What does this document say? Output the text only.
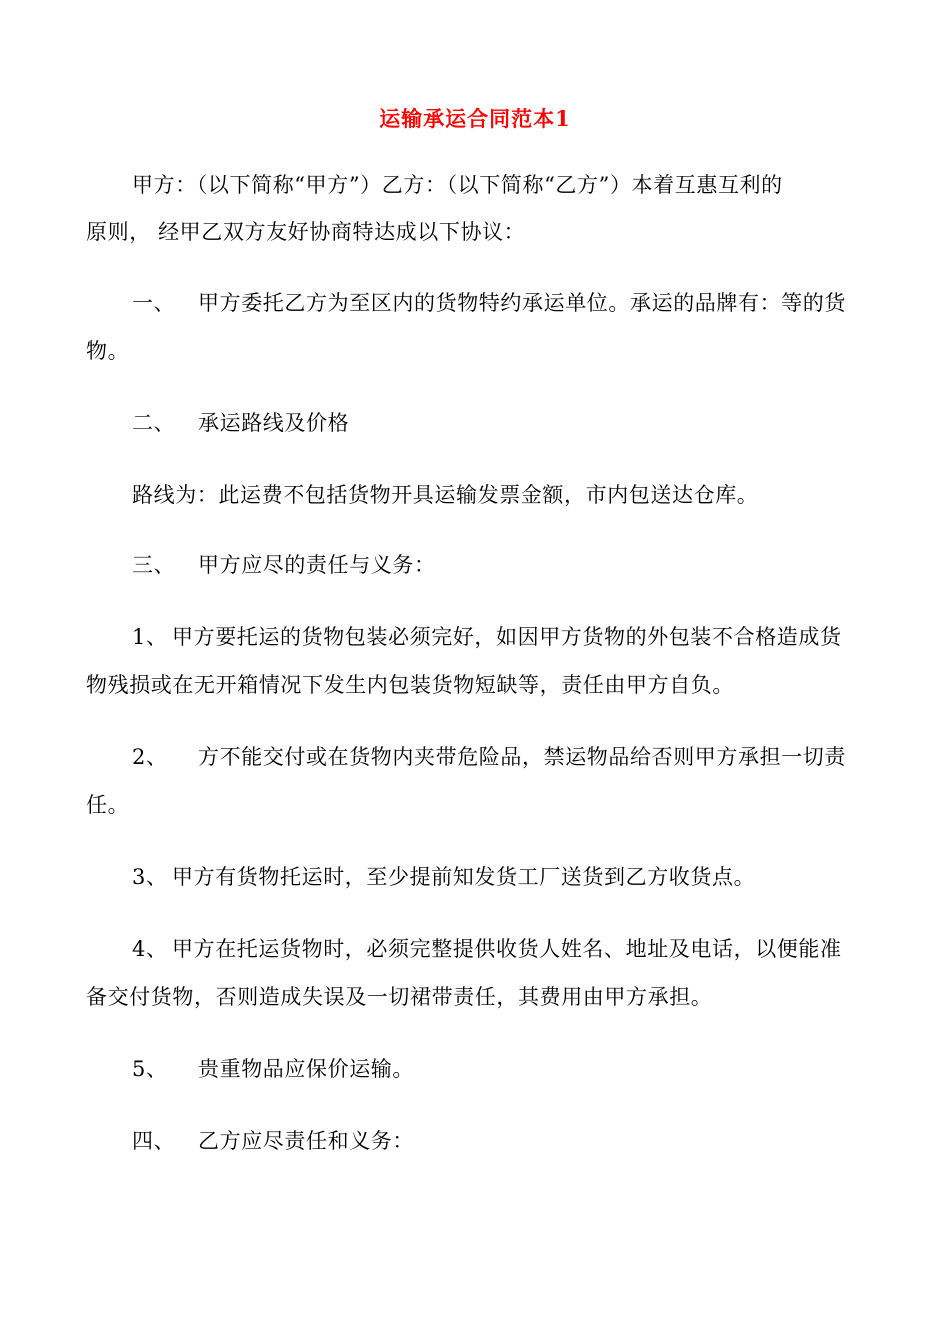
运输承运合同范本1
甲方：（以下简称“甲方”）乙方：（以下简称“乙方”）本着互惠互利的
原则， 经甲乙双方友好协商特达成以下协议：
一、 甲方委托乙方为至区内的货物特约承运单位。承运的品牌有：等的货
物。
二、 承运路线及价格
路线为：此运费不包括货物开具运输发票金额，市内包送达仓库。
三、 甲方应尽的责任与义务：
1、 甲方要托运的货物包装必须完好，如因甲方货物的外包装不合格造成货
物残损或在无开箱情况下发生内包装货物短缺等，责任由甲方自负。
2、 方不能交付或在货物内夹带危险品，禁运物品给否则甲方承担一切责
任。
3、 甲方有货物托运时，至少提前知发货工厂送货到乙方收货点。
4、 甲方在托运货物时，必须完整提供收货人姓名、地址及电话，以便能准
备交付货物，否则造成失误及一切裙带责任，其费用由甲方承担。
5、 贵重物品应保价运输。
四、 乙方应尽责任和义务：
